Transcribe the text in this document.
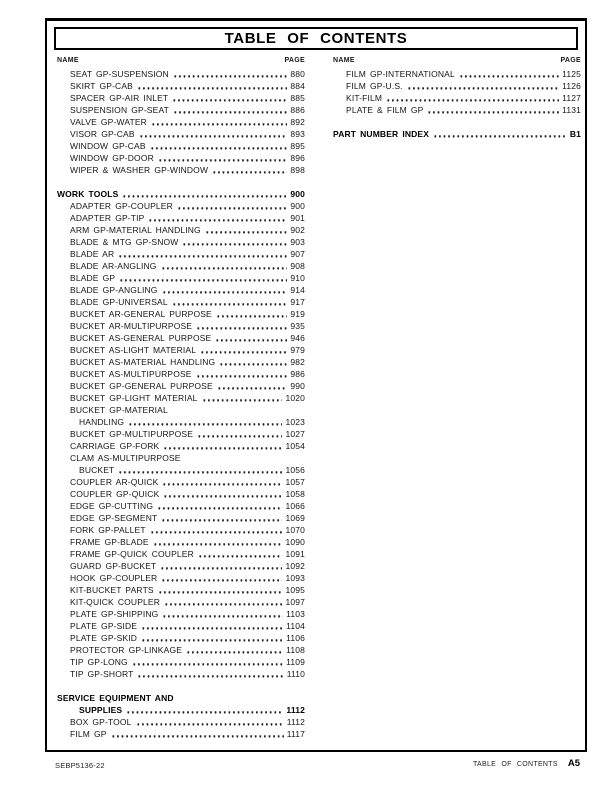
TABLE OF CONTENTS
NAME	PAGE
SEAT GP-SUSPENSION	880
SKIRT GP-CAB	884
SPACER GP-AIR INLET	885
SUSPENSION GP-SEAT	886
VALVE GP-WATER	892
VISOR GP-CAB	893
WINDOW GP-CAB	895
WINDOW GP-DOOR	896
WIPER & WASHER GP-WINDOW	898
WORK TOOLS	900
ADAPTER GP-COUPLER	900
ADAPTER GP-TIP	901
ARM GP-MATERIAL HANDLING	902
BLADE & MTG GP-SNOW	903
BLADE AR	907
BLADE AR-ANGLING	908
BLADE GP	910
BLADE GP-ANGLING	914
BLADE GP-UNIVERSAL	917
BUCKET AR-GENERAL PURPOSE	919
BUCKET AR-MULTIPURPOSE	935
BUCKET AS-GENERAL PURPOSE	946
BUCKET AS-LIGHT MATERIAL	979
BUCKET AS-MATERIAL HANDLING	982
BUCKET AS-MULTIPURPOSE	986
BUCKET GP-GENERAL PURPOSE	990
BUCKET GP-LIGHT MATERIAL	1020
BUCKET GP-MATERIAL
HANDLING	1023
BUCKET GP-MULTIPURPOSE	1027
CARRIAGE GP-FORK	1054
CLAM AS-MULTIPURPOSE
BUCKET	1056
COUPLER AR-QUICK	1057
COUPLER GP-QUICK	1058
EDGE GP-CUTTING	1066
EDGE GP-SEGMENT	1069
FORK GP-PALLET	1070
FRAME GP-BLADE	1090
FRAME GP-QUICK COUPLER	1091
GUARD GP-BUCKET	1092
HOOK GP-COUPLER	1093
KIT-BUCKET PARTS	1095
KIT-QUICK COUPLER	1097
PLATE GP-SHIPPING	1103
PLATE GP-SIDE	1104
PLATE GP-SKID	1106
PROTECTOR GP-LINKAGE	1108
TIP GP-LONG	1109
TIP GP-SHORT	1110
SERVICE EQUIPMENT AND
SUPPLIES	1112
BOX GP-TOOL	1112
FILM GP	1117
NAME	PAGE
FILM GP-INTERNATIONAL	1125
FILM GP-U.S.	1126
KIT-FILM	1127
PLATE & FILM GP	1131
PART NUMBER INDEX	B1
SEBP5136-22	TABLE OF CONTENTS A5
